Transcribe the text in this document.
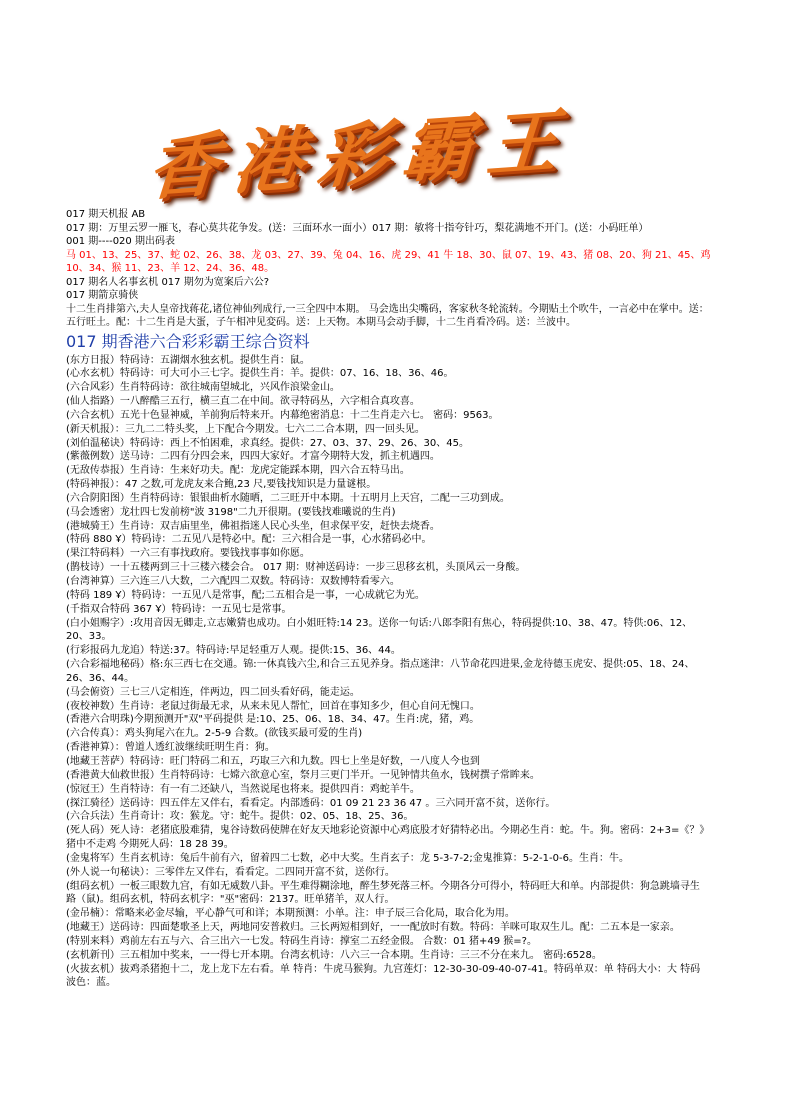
香港彩霸王

017 期天机报 AB

017 期：万里云罗一雁飞，春心莫共花争发。(送：三面环水一面小）017 期：敏将十指夸针巧，梨花满地不开门。(送：小码旺单）

001 期----020 期出码表

马 01、13、25、37、蛇 02、26、38、龙 03、27、39、兔 04、16、虎 29、41 牛 18、30、鼠 07、19、43、猪 08、20、狗 21、45、鸡

10、34、猴 11、23、羊 12、24、36、48。

017 期名人名事玄机 017 期勿为宽案后六公?

017 期箭京骑侠

十二生肖排第六,夫人皇帝找蒋花,诸位神仙列成行,一三全四中本期。 马会选出尖嘴码，客家秋冬轮流转。今期贴土个吹牛，一言必中在掌中。送：

五行旺土。配：十二生肖是大蛋，子午相冲见変码。送：上天物。本期马会动手脚，十二生肖看冷码。送：兰波中。

017 期香港六合彩彩霸王综合资料

(东方日报）特码诗：五湖烟水独玄机。提供生肖：鼠。

(心水玄机）特码诗：可大可小三七字。提供生肖：羊。提供：07、16、18、36、46。

(六合风彩）生肖特码诗：欲往城南望城北，兴风作浪梁金山。

(仙人指路）一八醉酷三五行，横三直二在中间。欲寻特码丛，六字相合真攻喜。

(六合玄机）五光十色显神威，羊前狗后特来开。内幕绝密消息：十二生肖走六七。 密码：9563。

(新天机报）：三九二二特头奖，上下配合今期发。七六二二合本期，四一回头见。

(刘伯温秘诀）特码诗：西上不怕困难，求真经。提供：27、03、37、29、26、30、45。

(紫薇例数）送马诗：二四有分四会来，四四大家好。才富今期特大发，抓主机遇四。

(无敌传恭报）生肖诗：生来好功夫。配：龙虎定能踩本期，四六合五特马出。

(特码神报）：47 之数,可龙虎友来合鲍,23 尺,要钱找知识是力量谜根。

(六合阴阳图）生肖特码诗：银银曲析水随晒，二三旺开中本期。十五明月上天宫，二配一三功到成。

(马会透密）龙壮四七发前榜"波 3198"二九开很期。(要钱找难曦说的生肖)

(港城骑王）生肖诗：双吉庙里坐，佛祖指迷人民心头坐，但求保平安，赶快去烧香。

(特码 880 Ұ）特码诗：二五见八是特必中。配：三六相合是一事，心水猪码必中。

(果江特码料）一六三有事找政府。要钱找事事如你愿。

(鹊枝诗）一十五楼两到三十三楼六楼会合。 017 期：财神送码诗：一步三思移玄机，头顶风云一身酸。

(台湾神算）三六连三八大数，二六配四二双数。特码诗：双数博特看零六。

(特码 189 Ұ）特码诗：一五见八是常事，配;二五相合是一事，一心成就它为光。

(千指双合特码 367 Ұ）特码诗：一五见七是常事。

(白小姐赐字）:攻用音因无卿走,立志嫩猜也成功。白小姐旺特:14 23。送你一句话:八郎李阳有焦心，特码提供:10、38、47。特供:06、12、

20、33。

(行彩报码九龙追）特送:37。特码诗:早足轻重万人观。提供:15、36、44。

(六合彩福地秘码）格:东三西七在交通。锦:一休真钱六尘,和合三五见养身。指点迷津：八节命花四进果,金龙待德玉虎安、提供:05、18、24、

26、36、44。

(马会俯资）三七三八定相连，伴两边，四二回头看好码，能走运。

(夜校神数）生肖诗：老鼠过街最无求，从来未见人帮忙，回首在事知多少，但心自问无愧口。

(香港六合明珠)今期预测开"双"平码提供 是:10、25、06、18、34、47。生肖:虎，猪，鸡。

(六合传真）：鸡头狗尾六在九。2-5-9 合数。(欲钱买最可爱的生肖)

(香港神算）：曾道人透红波继续旺明生肖：狗。

(地藏王菩萨）特码诗：旺门特码二和五，巧取三六和九数。四七上坐是好数，一八度人今也到

(香港黄大仙救世报）生肖特码诗：七嫦六欲意心室，祭月三更门半开。一见钟情共鱼水，钱树撰子常眸来。

(惊冠王）生肖特诗：有一有二还缺八，当然说尾也将来。提供四肖：鸡蛇羊牛。

(探江骑径）送码诗：四五伴左又伴右，看看定。内部透码：01 09 21 23 36 47 。三六同开富不贫，送你行。

(六合兵法）生肖奇计：攻：猴龙。守：蛇牛。提供：02、05、18、25、36。

(死人码）死人诗：老猪底股难猜，鬼谷诗数码使牌在好友天地彩论资源中心鸡底股才好猜特必出。今期必生肖：蛇。牛。狗。密码：2+3=《？》

猪中不走鸡 今期死人码：18 28 39。

(金鬼将军）生肖玄机诗：兔后牛前有六，留着四二七数，必中大奖。生肖玄子：龙 5-3-7-2;金鬼推算：5-2-1-0-6。生肖：牛。

(外人说一句秘诀）：三零伴左又伴右，看看定。二四同开富不贫，送你行。

(组码玄机）一板三眼数九宫，有如无威数八卦。平生难得糊涂地，醉生梦死落三杯。今期各分可得小，特码旺大和单。内部提供：狗急跳墙寻生

路（鼠)。组码玄机，特码玄机字："巫"密码：2137。旺单猪羊，双人行。

(金吊楠）：常略来必金尽输，平心静气可和详；本期预测：小单。注：申子辰三合化局，取合化为用。

(地藏王）送码诗：四面楚歌圣上天，两地同安普救归。三长两短相到好，一一配放时有数。特码：羊咪可取双生儿。配：二五本是一家亲。

(特别来料）鸡前左右五与六、合三出六一七发。特码生肖诗：撑室二五经金假。 合数：01 猪+49 猴=?。

(玄机新刊）三五相加中奖来，一一得七开本期。台湾玄机诗：八六三一合本期。生肖诗：三三不分在来九。 密码:6528。

(火拔玄机）拔鸡杀猪抱十二，龙上龙下左右看。单 特肖：牛虎马猴狗。九宫莲灯：12-30-30-09-40-07-41。特码单双：单 特码大小：大 特码

波色：蓝。
